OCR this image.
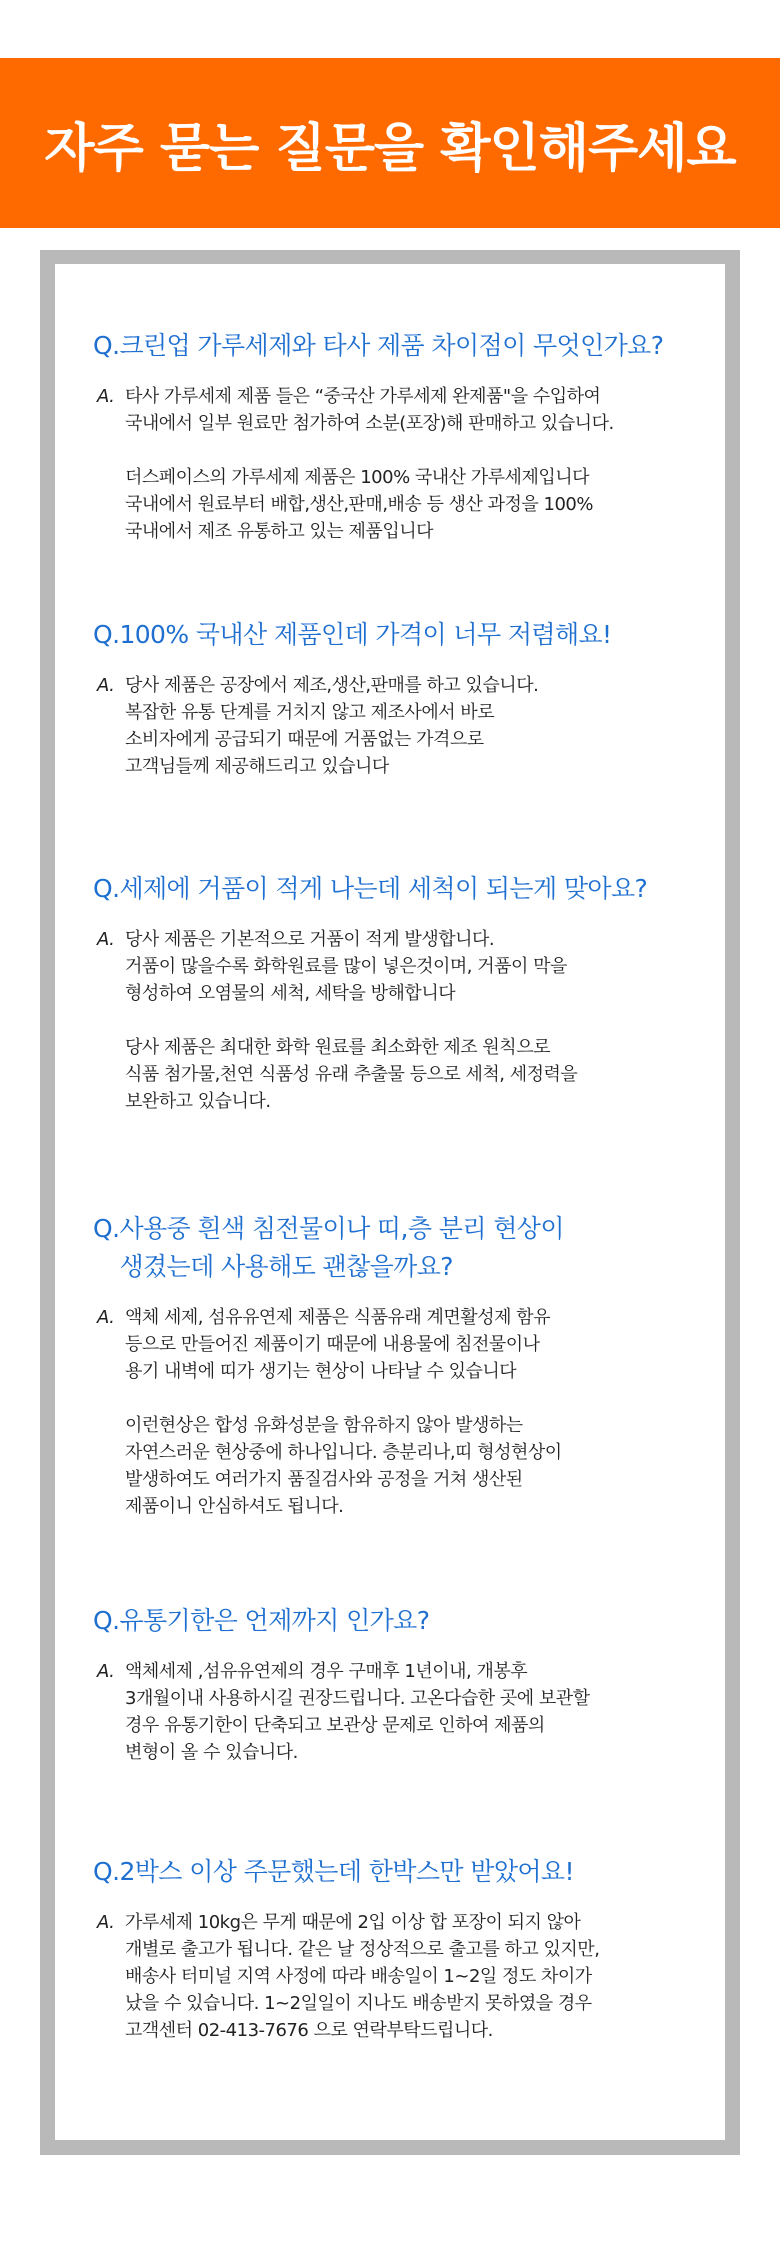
자주 묻는 질문을 확인해주세요
Q. 크린업 가루세제와 타사 제품 차이점이 무엇인가요?
A. 타사 가루세제 제품 들은 “중국산 가루세제 완제품"을 수입하여
국내에서 일부 원료만 첨가하여 소분(포장)해 판매하고 있습니다.
더스페이스의 가루세제 제품은 100% 국내산 가루세제입니다
국내에서 원료부터 배합,생산,판매,배송 등 생산 과정을 100%
국내에서 제조 유통하고 있는 제품입니다
Q. 100% 국내산 제품인데 가격이 너무 저렴해요!
A. 당사 제품은 공장에서 제조,생산,판매를 하고 있습니다.
복잡한 유통 단계를 거치지 않고 제조사에서 바로
소비자에게 공급되기 때문에 거품없는 가격으로
고객님들께 제공해드리고 있습니다
Q. 세제에 거품이 적게 나는데 세척이 되는게 맞아요?
A. 당사 제품은 기본적으로 거품이 적게 발생합니다.
거품이 많을수록 화학원료를 많이 넣은것이며, 거품이 막을
형성하여 오염물의 세척, 세탁을 방해합니다
당사 제품은 최대한 화학 원료를 최소화한 제조 원칙으로
식품 첨가물,천연 식품성 유래 추출물 등으로 세척, 세정력을
보완하고 있습니다.
Q. 사용중 흰색 침전물이나 띠,층 분리 현상이
생겼는데 사용해도 괜찮을까요?
A. 액체 세제, 섬유유연제 제품은 식품유래 계면활성제 함유
등으로 만들어진 제품이기 때문에 내용물에 침전물이나
용기 내벽에 띠가 생기는 현상이 나타날 수 있습니다
이런현상은 합성 유화성분을 함유하지 않아 발생하는
자연스러운 현상중에 하나입니다. 층분리나,띠 형성현상이
발생하여도 여러가지 품질검사와 공정을 거쳐 생산된
제품이니 안심하셔도 됩니다.
Q. 유통기한은 언제까지 인가요?
A. 액체세제 ,섬유유연제의 경우 구매후 1년이내, 개봉후
3개월이내 사용하시길 권장드립니다. 고온다습한 곳에 보관할
경우 유통기한이 단축되고 보관상 문제로 인하여 제품의
변형이 올 수 있습니다.
Q. 2박스 이상 주문했는데 한박스만 받았어요!
A. 가루세제 10kg은 무게 때문에 2입 이상 합 포장이 되지 않아
개별로 출고가 됩니다. 같은 날 정상적으로 출고를 하고 있지만,
배송사 터미널 지역 사정에 따라 배송일이 1~2일 정도 차이가
났을 수 있습니다. 1~2일일이 지나도 배송받지 못하였을 경우
고객센터 02-413-7676 으로 연락부탁드립니다.
